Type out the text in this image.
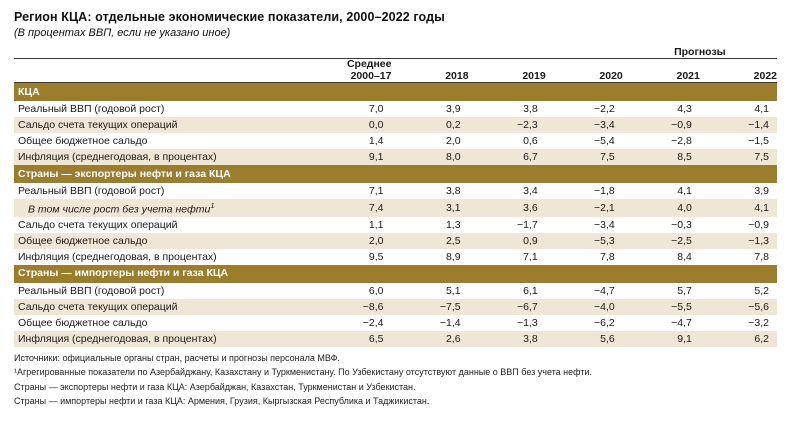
Регион КЦА: отдельные экономические показатели, 2000–2022 годы
(В процентах ВВП, если не указано иное)
					Прогнозы	
	Среднее
2000–17	2018	2019	2020	2021	2022
КЦА						
Реальный ВВП (годовой рост)	7,0	3,9	3,8	−2,2	4,3	4,1
Сальдо счета текущих операций	0,0	0,2	−2,3	−3,4	−0,9	−1,4
Общее бюджетное сальдо	1,4	2,0	0,6	−5,4	−2,8	−1,5
Инфляция (среднегодовая, в процентах)	9,1	8,0	6,7	7,5	8,5	7,5
Страны — экспортеры нефти и газа КЦА						
Реальный ВВП (годовой рост)	7,1	3,8	3,4	−1,8	4,1	3,9
В том числе рост без учета нефти$^1$	7,4	3,1	3,6	−2,1	4,0	4,1
Сальдо счета текущих операций	1,1	1,3	−1,7	−3,4	−0,3	−0,9
Общее бюджетное сальдо	2,0	2,5	0,9	−5,3	−2,5	−1,3
Инфляция (среднегодовая, в процентах)	9,5	8,9	7,1	7,8	8,4	7,8
Страны — импортеры нефти и газа КЦА						
Реальный ВВП (годовой рост)	6,0	5,1	6,1	−4,7	5,7	5,2
Сальдо счета текущих операций	−8,6	−7,5	−6,7	−4,0	−5,5	−5,6
Общее бюджетное сальдо	−2,4	−1,4	−1,3	−6,2	−4,7	−3,2
Инфляция (среднегодовая, в процентах)	6,5	2,6	3,8	5,6	9,1	6,2
Источники: официальные органы стран, расчеты и прогнозы персонала МВФ.
¹Агрегированные показатели по Азербайджану, Казахстану и Туркменистану. По Узбекистану отсутствуют данные о ВВП без учета нефти.
Страны — экспортеры нефти и газа КЦА: Азербайджан, Казахстан, Туркменистан и Узбекистан.
Страны — импортеры нефти и газа КЦА: Армения, Грузия, Кыргызская Республика и Таджикистан.
